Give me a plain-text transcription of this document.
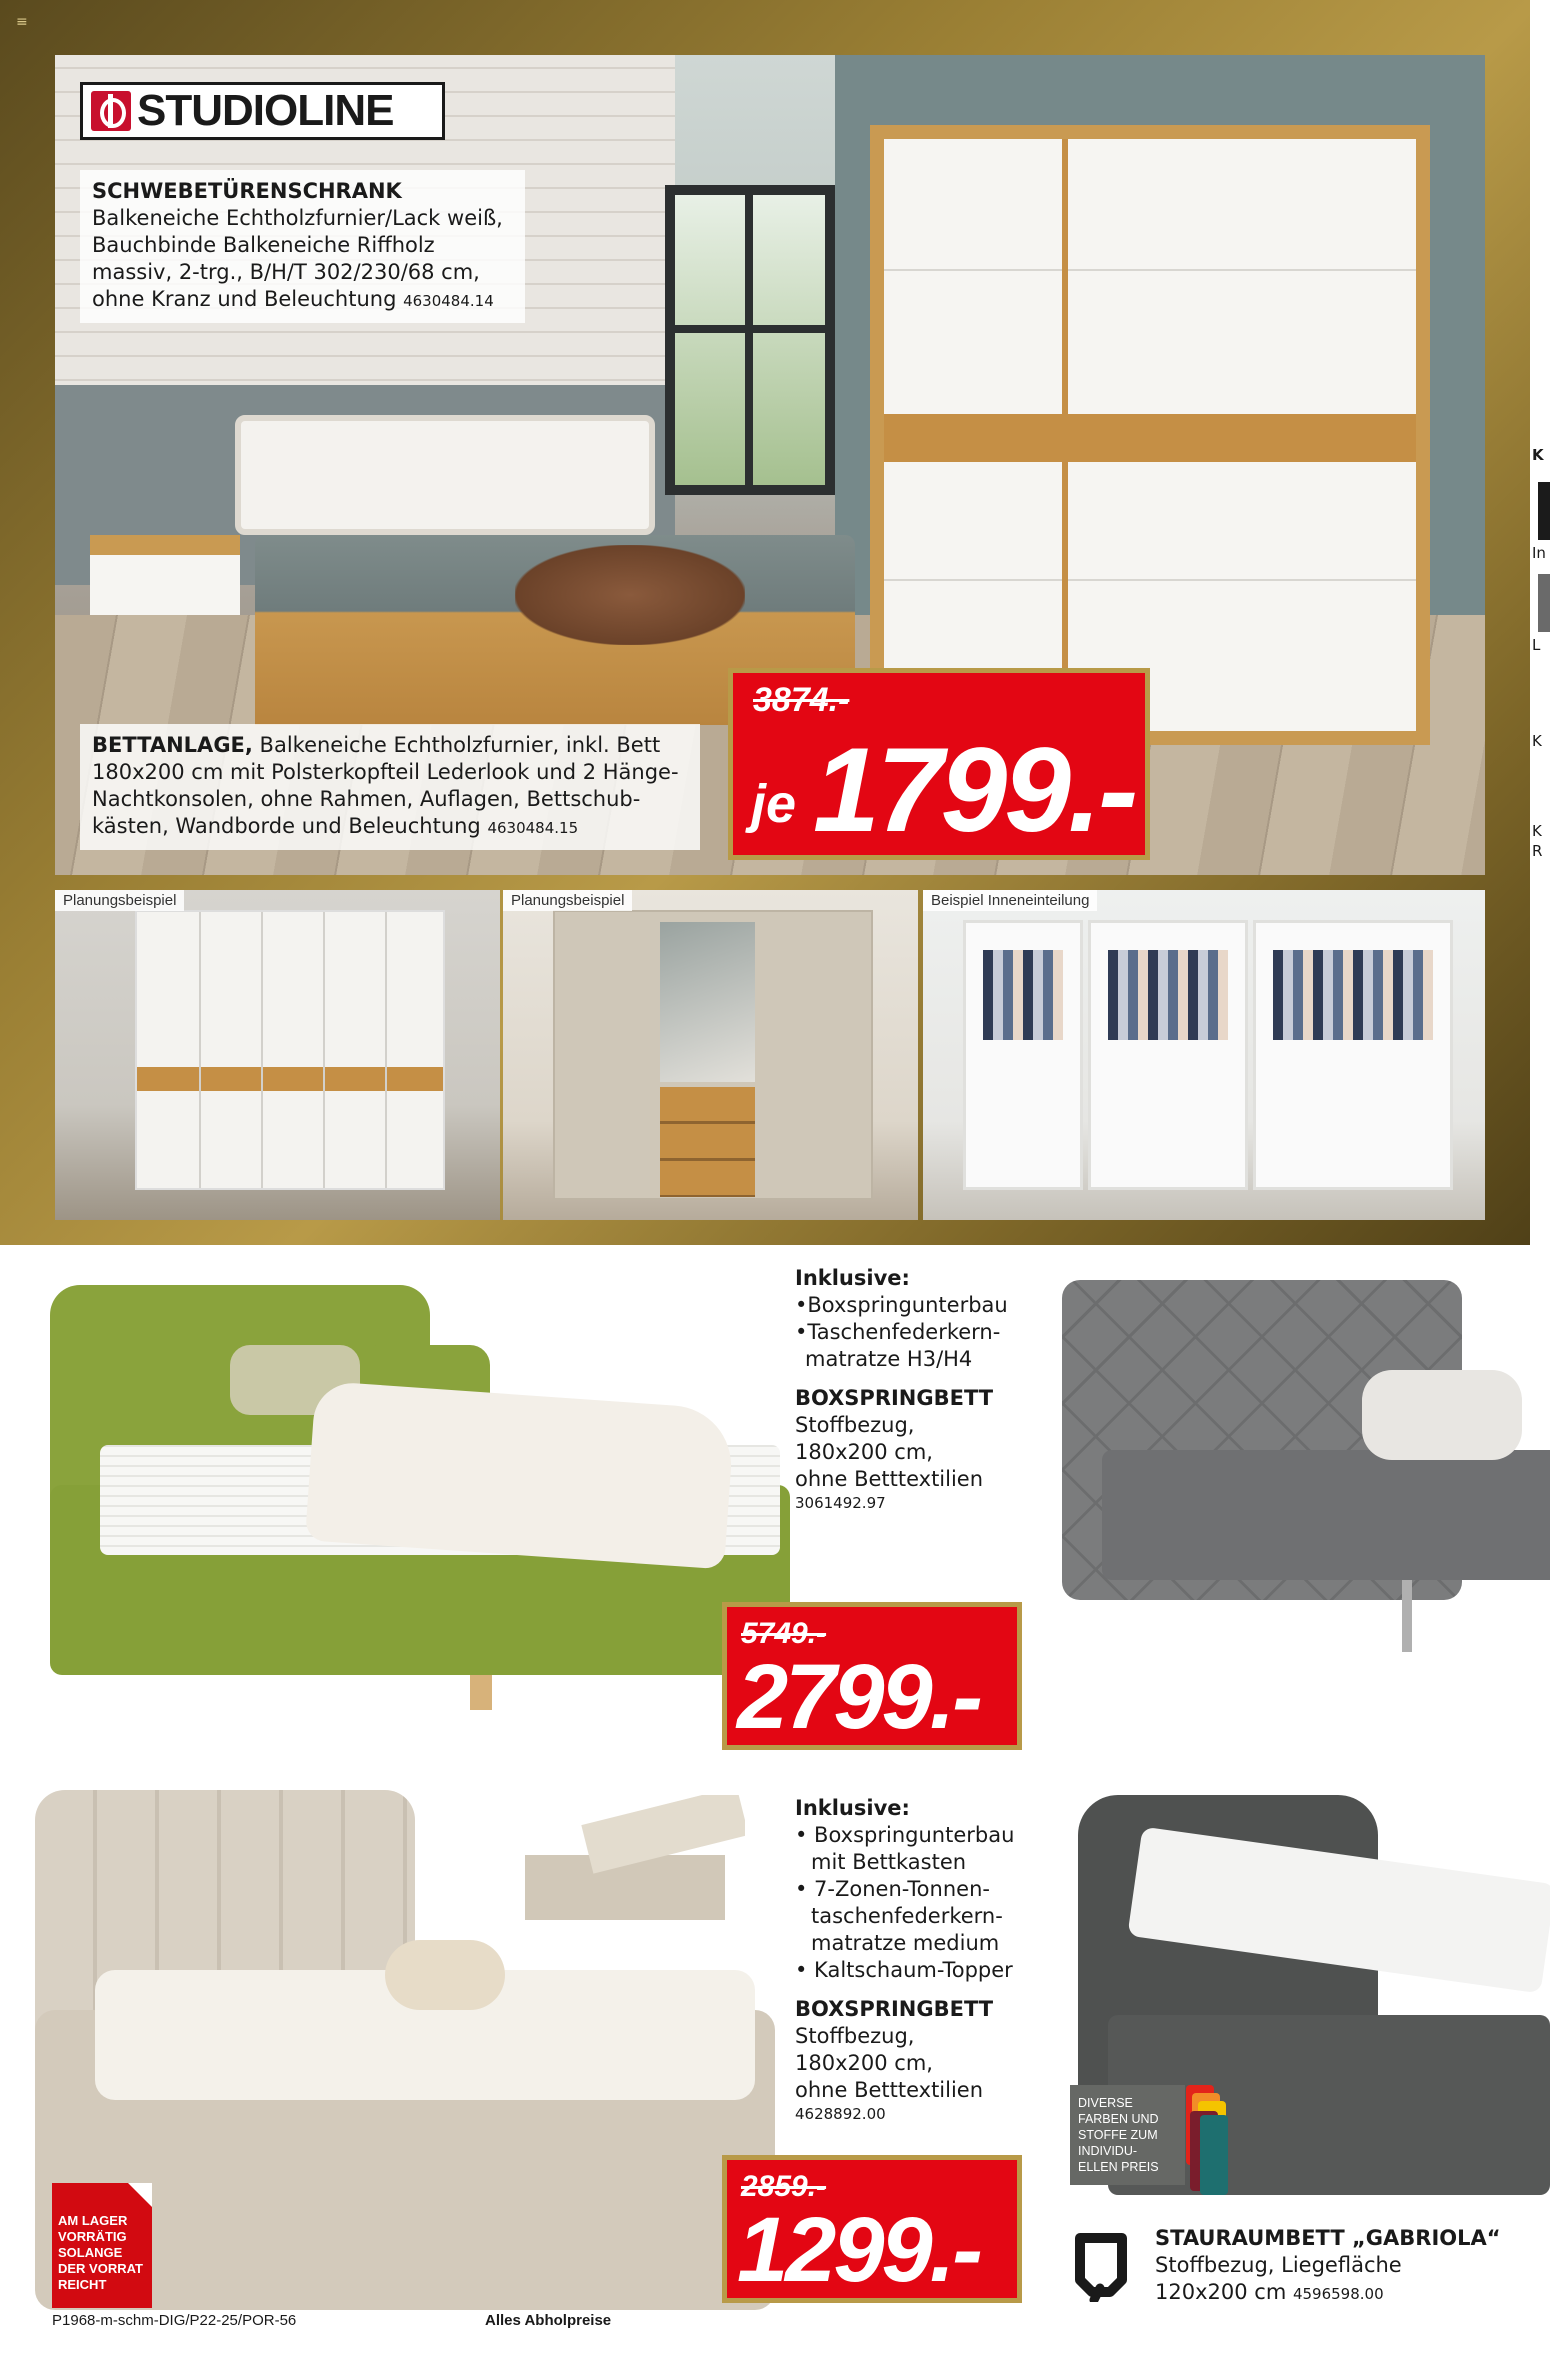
≡
STUDIOLINE
SCHWEBETÜRENSCHRANK
Balkeneiche Echtholzfurnier/Lack weiß,
Bauchbinde Balkeneiche Riffholz
massiv, 2-trg., B/H/T 302/230/68 cm,
ohne Kranz und Beleuchtung 4630484.14
BETTANLAGE, Balkeneiche Echtholzfurnier, inkl. Bett
180x200 cm mit Polsterkopfteil Lederlook und 2 Hänge-
Nachtkonsolen, ohne Rahmen, Auflagen, Bettschub-
kästen, Wandborde und Beleuchtung 4630484.15
3874.-
je 1799.-
Planungsbeispiel	Planungsbeispiel	Beispiel Inneneinteilung
K
In
L
K
K
R
Inklusive:
•Boxspringunterbau
•Taschenfederkern-
matratze H3/H4
BOXSPRINGBETT
Stoffbezug,
180x200 cm,
ohne Betttextilien
3061492.97
5749.-
2799.-
Inklusive:
• Boxspringunterbau
mit Bettkasten
• 7-Zonen-Tonnen-
taschenfederkern-
matratze medium
• Kaltschaum-Topper
BOXSPRINGBETT
Stoffbezug,
180x200 cm,
ohne Betttextilien
4628892.00
2859.-
1299.-
AM LAGER
VORRÄTIG
SOLANGE
DER VORRAT
REICHT
DIVERSE
FARBEN UND
STOFFE ZUM
INDIVIDU-
ELLEN PREIS
STAURAUMBETT „GABRIOLA“
Stoffbezug, Liegefläche
120x200 cm 4596598.00
P1968-m-schm-DIG/P22-25/POR-56	Alles Abholpreise
